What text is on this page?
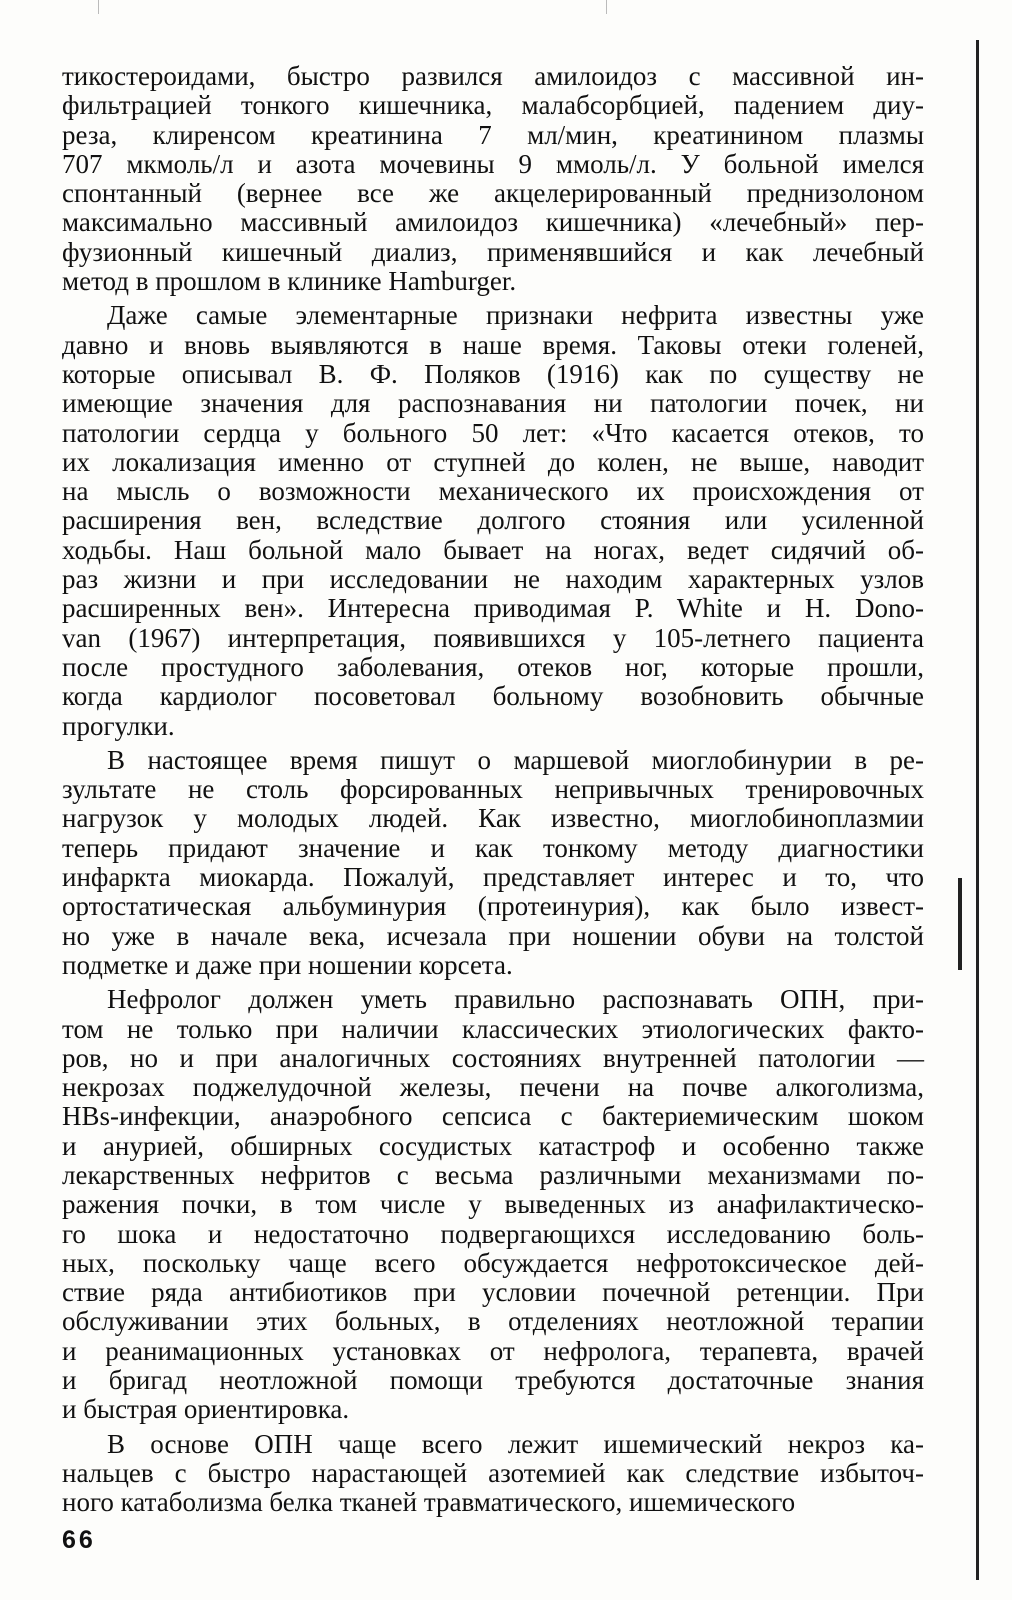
тикостероидами, быстро развился амилоидоз с массивной ин-
фильтрацией тонкого кишечника, малабсорбцией, падением диу-
реза, клиренсом креатинина 7 мл/мин, креатинином плазмы
707 мкмоль/л и азота мочевины 9 ммоль/л. У больной имелся
спонтанный (вернее все же акцелерированный преднизолоном
максимально массивный амилоидоз кишечника) «лечебный» пер-
фузионный кишечный диализ, применявшийся и как лечебный
метод в прошлом в клинике Hamburger.

Даже самые элементарные признаки нефрита известны уже
давно и вновь выявляются в наше время. Таковы отеки голеней,
которые описывал В. Ф. Поляков (1916) как по существу не
имеющие значения для распознавания ни патологии почек, ни
патологии сердца у больного 50 лет: «Что касается отеков, то
их локализация именно от ступней до колен, не выше, наводит
на мысль о возможности механического их происхождения от
расширения вен, вследствие долгого стояния или усиленной
ходьбы. Наш больной мало бывает на ногах, ведет сидячий об-
раз жизни и при исследовании не находим характерных узлов
расширенных вен». Интересна приводимая P. White и H. Dono-
van (1967) интерпретация, появившихся у 105-летнего пациента
после простудного заболевания, отеков ног, которые прошли,
когда кардиолог посоветовал больному возобновить обычные
прогулки.

В настоящее время пишут о маршевой миоглобинурии в ре-
зультате не столь форсированных непривычных тренировочных
нагрузок у молодых людей. Как известно, миоглобиноплазмии
теперь придают значение и как тонкому методу диагностики
инфаркта миокарда. Пожалуй, представляет интерес и то, что
ортостатическая альбуминурия (протеинурия), как было извест-
но уже в начале века, исчезала при ношении обуви на толстой
подметке и даже при ношении корсета.

Нефролог должен уметь правильно распознавать ОПН, при-
том не только при наличии классических этиологических факто-
ров, но и при аналогичных состояниях внутренней патологии —
некрозах поджелудочной железы, печени на почве алкоголизма,
HBs-инфекции, анаэробного сепсиса с бактериемическим шоком
и анурией, обширных сосудистых катастроф и особенно также
лекарственных нефритов с весьма различными механизмами по-
ражения почки, в том числе у выведенных из анафилактическо-
го шока и недостаточно подвергающихся исследованию боль-
ных, поскольку чаще всего обсуждается нефротоксическое дей-
ствие ряда антибиотиков при условии почечной ретенции. При
обслуживании этих больных, в отделениях неотложной терапии
и реанимационных установках от нефролога, терапевта, врачей
и бригад неотложной помощи требуются достаточные знания
и быстрая ориентировка.

В основе ОПН чаще всего лежит ишемический некроз ка-
нальцев с быстро нарастающей азотемией как следствие избыточ-
ного катаболизма белка тканей травматического, ишемического

66
